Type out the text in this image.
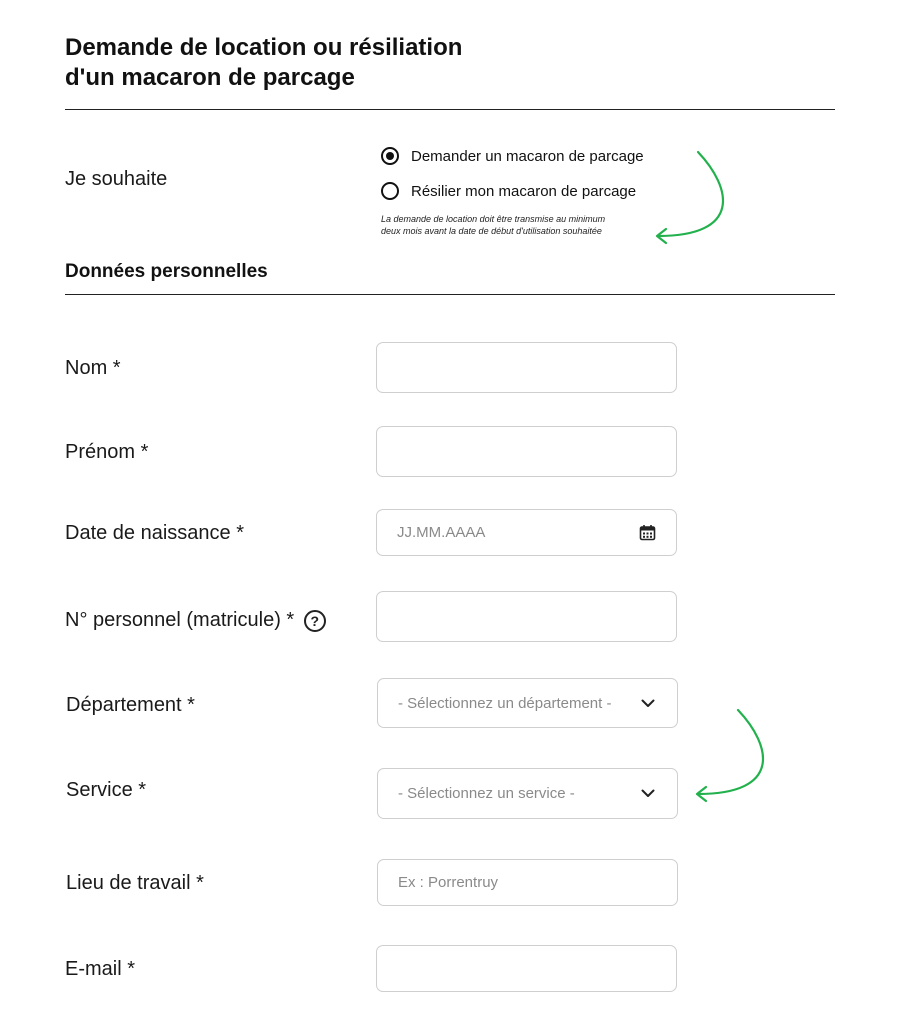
Demande de location ou résiliation
d'un macaron de parcage
Je souhaite
Demander un macaron de parcage
Résilier mon macaron de parcage
La demande de location doit être transmise au minimum
deux mois avant la date de début d'utilisation souhaitée
Données personnelles
Nom *
Prénom *
Date de naissance *	JJ.MM.AAAA
N° personnel (matricule) * ?
Département *	- Sélectionnez un département -
Service *	- Sélectionnez un service -
Lieu de travail *	Ex : Porrentruy
E-mail *
